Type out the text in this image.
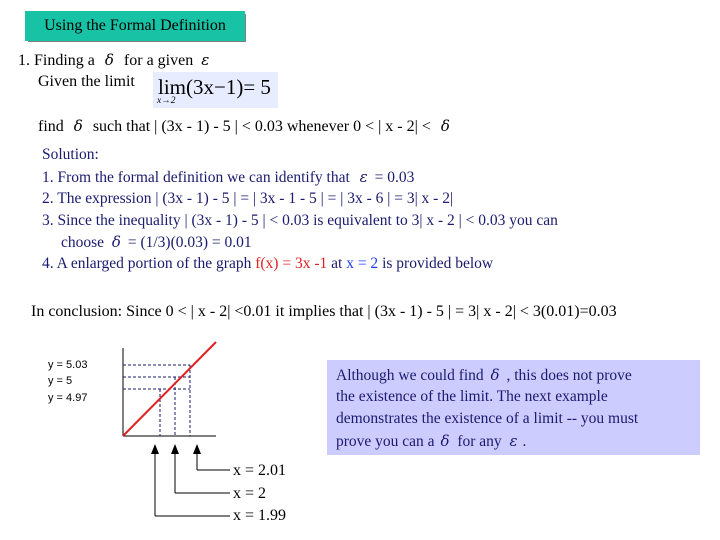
Using the Formal Definition
1. Finding a δ for a given ε
Given the limit lim(3x−1)= 5
x→2
find δ such that | (3x - 1) - 5 | < 0.03 whenever 0 < | x - 2| < δ
Solution:
1. From the formal definition we can identify that ε = 0.03
2. The expression | (3x - 1) - 5 | = | 3x - 1 - 5 | = | 3x - 6 | = 3| x - 2|
3. Since the inequality | (3x - 1) - 5 | < 0.03 is equivalent to 3| x - 2 | < 0.03 you can
choose δ = (1/3)(0.03) = 0.01
4. A enlarged portion of the graph f(x) = 3x -1 at x = 2 is provided below
In conclusion: Since 0 < | x - 2| <0.01 it implies that | (3x - 1) - 5 | = 3| x - 2| < 3(0.01)=0.03
y = 5.03
y = 5
y = 4.97
x = 2.01
x = 2
x = 1.99
Although we could find δ , this does not prove
the existence of the limit. The next example
demonstrates the existence of a limit -- you must
prove you can a δ for any ε .
